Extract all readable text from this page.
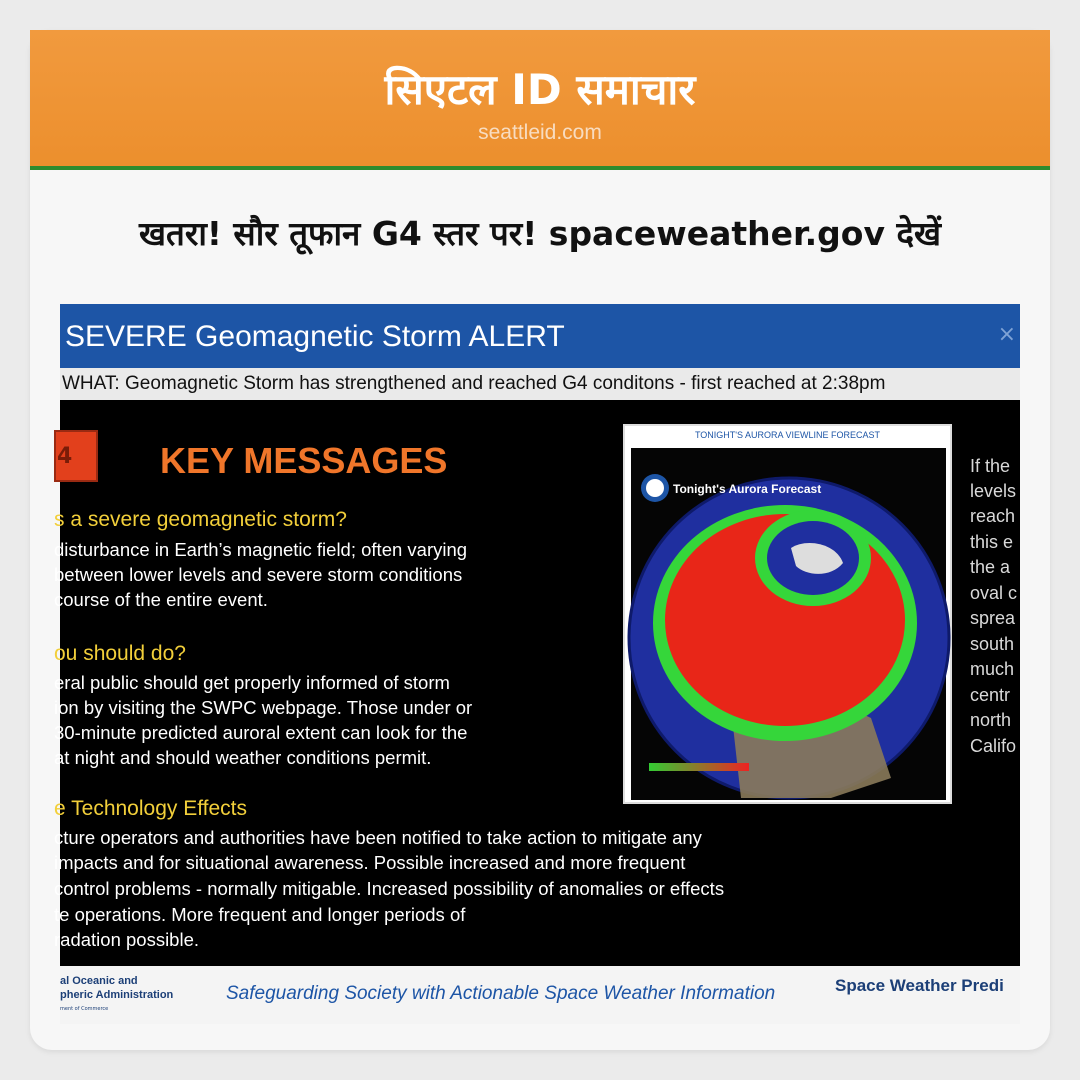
सिएटल ID समाचार
seattleid.com
खतरा! सौर तूफान G4 स्तर पर! spaceweather.gov देखें
SEVERE Geomagnetic Storm ALERT	×
WHAT: Geomagnetic Storm has strengthened and reached G4 conditons - first reached at 2:38pm
4 KEY MESSAGES
s a severe geomagnetic storm?
disturbance in Earth’s magnetic field; often varying
between lower levels and severe storm conditions
course of the entire event.
ou should do?
eral public should get properly informed of storm
ion by visiting the SWPC webpage. Those under or
30-minute predicted auroral extent can look for the
at night and should weather conditions permit.
e Technology Effects
cture operators and authorities have been notified to take action to mitigate any
impacts and for situational awareness. Possible increased and more frequent
control problems - normally mitigable. Increased possibility of anomalies or effects
te operations. More frequent and longer periods of
radation possible.
TONIGHT'S AURORA VIEWLINE FORECAST
Tonight's Aurora Forecast
If the
levels
reach
this e
the a
oval c
sprea
south
much
centr
north
Califo
al Oceanic and
pheric Administration
ment of Commerce
Safeguarding Society with Actionable Space Weather Information	Space Weather Predi
